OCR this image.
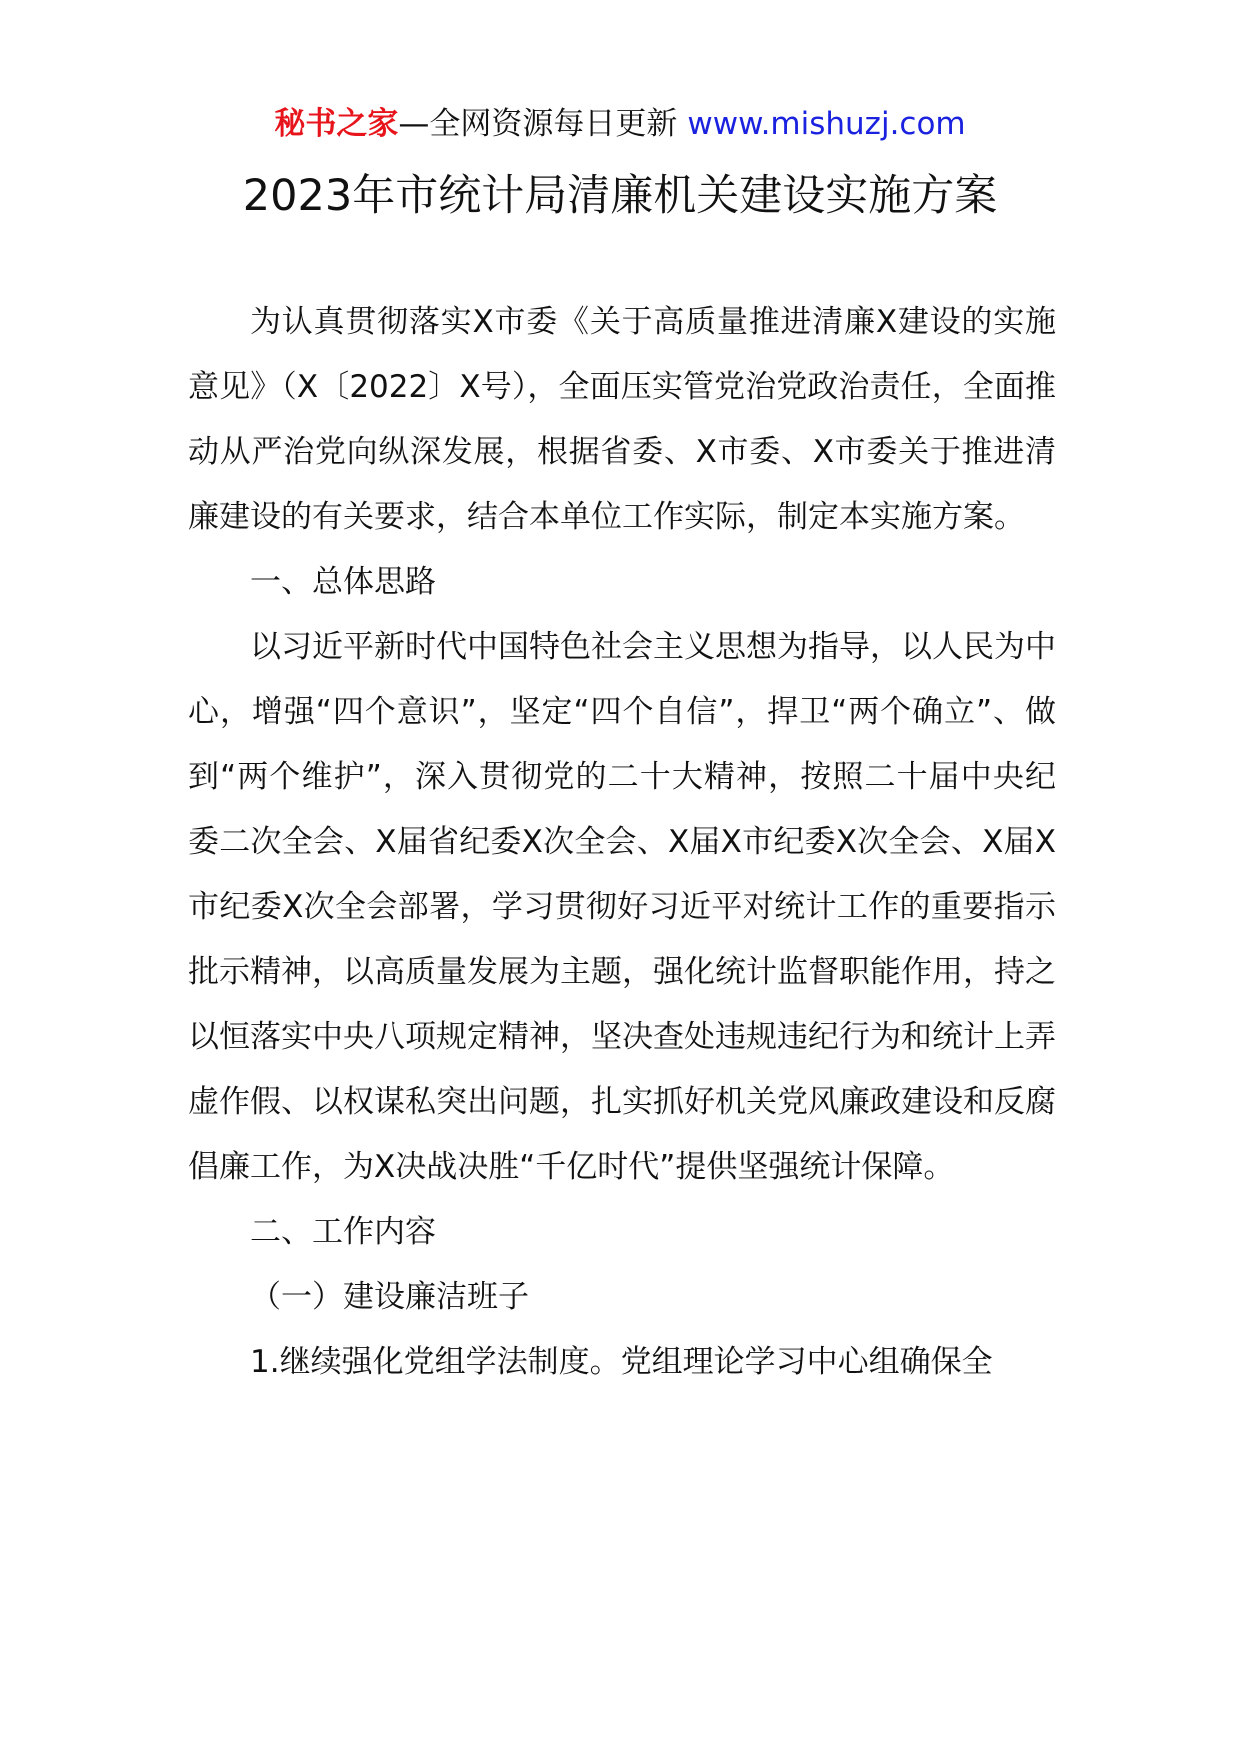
秘书之家—全网资源每日更新 www.mishuzj.com
2023年市统计局清廉机关建设实施方案

为认真贯彻落实X市委《关于高质量推进清廉X建设的实施意见》（X〔2022〕X号），全面压实管党治党政治责任，全面推动从严治党向纵深发展，根据省委、X市委、X市委关于推进清廉建设的有关要求，结合本单位工作实际，制定本实施方案。

一、总体思路

以习近平新时代中国特色社会主义思想为指导，以人民为中心，增强“四个意识”，坚定“四个自信”，捍卫“两个确立”、做到“两个维护”，深入贯彻党的二十大精神，按照二十届中央纪委二次全会、X届省纪委X次全会、X届X市纪委X次全会、X届X市纪委X次全会部署，学习贯彻好习近平对统计工作的重要指示批示精神，以高质量发展为主题，强化统计监督职能作用，持之以恒落实中央八项规定精神，坚决查处违规违纪行为和统计上弄虚作假、以权谋私突出问题，扎实抓好机关党风廉政建设和反腐倡廉工作，为X决战决胜“千亿时代”提供坚强统计保障。

二、工作内容

（一）建设廉洁班子

1.继续强化党组学法制度。党组理论学习中心组确保全
